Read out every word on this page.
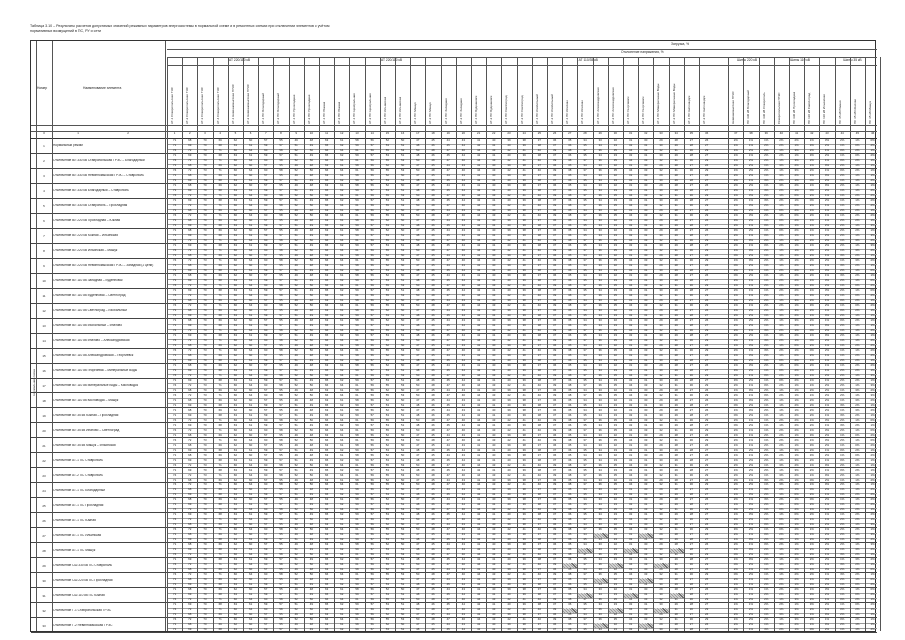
Таблица 3.10 – Результаты расчетов допустимых значений режимных параметров энергосистемы в нормальной схеме и в ремонтных схемах при отключении элементов с учётом нормативных возмущений в ПС, РУ и сети
Номер	Наименование элемента
Загрузка, %
Отклонение напряжения, %
АТ 220/110 кВ	АТ 220/110 кВ	АТ 110/35 кВ	Шины 220 кВ	Шины 110 кВ	Шины 35 кВ
АТ-1 Ставропольская ТЭС	АТ-2 Ставропольская ТЭС	АТ-3 Ставропольская ТЭС	АТ-4 Ставропольская ТЭС	АТ-1 Невинномысская ГРЭС	АТ-2 Невинномысская ГРЭС	АТ-1 ПС Благодарный	АТ-2 ПС Благодарный	АТ-1 ПС Прохладная	АТ-2 ПС Прохладная	АТ-1 ПС Южная	АТ-2 ПС Южная	АТ-1 ПС Центральная	АТ-2 ПС Центральная	АТ-1 ПС Ильинская	АТ-2 ПС Ильинская	АТ-1 ПС Машук	АТ-2 ПС Машук	АТ-1 ПС Западная	АТ-2 ПС Западная	АТ-1 ПС Буденновск	АТ-2 ПС Буденновск	АТ-1 ПС Светлоград	АТ-2 ПС Светлоград	АТ-1 ПС Изобильный	АТ-2 ПС Изобильный	АТ-1 ПС Ипатово	АТ-2 ПС Ипатово	АТ-1 ПС Александровская	АТ-2 ПС Александровская	АТ-1 ПС Георгиевск	АТ-2 ПС Георгиевск	АТ-1 ПС Минеральные Воды	АТ-2 ПС Минеральные Воды	АТ-1 ПС Кисловодск	АТ-2 ПС Кисловодск	Невинномысская ГРЭС	ПС 330 кВ Благодарный	ПС 330 кВ Ставрополь	Ставропольская ГРЭС	ПС 330 кВ Прохладная	ПС 110 кВ Светлоград	ПС 110 кВ Ильинская	ПС 35 кВ Южная	ПС 35 кВ Ипатово	ПС 35 кВ Машук
1	2	3	4	5	6	7	8	9	10	11	12	13	14	15	16	17	18	19	20	21	22	23	24	25	26	27	28	29	30	31	32	33	34	35	36	37	38	39	40	41	42	43	44	45	46
0	1	2
Нормальная схема
1	Нормальный режим
71	68	70	69	62	60	57	55	49	48	63	61	58	56	52	50	47	45	44	43	41	40	39	38	37	36	35	34	33	32	31	30	29	28	27	26	2%	1%	1%	2%	2%	1%	3%	2%	1%	0%
71	69	70	68	63	61	59	57	51	49	65	62	59	57	53	51	48	46	45	44	42	41	40	39	38	37	36	35	34	33	32	31	30	29	28	27	1%	1%	2%	2%	1%	3%	2%	1%	0%	2%
74	72	73	71	66	64	60	58	52	50	66	64	61	59	55	53	50	48	47	46	44	43	42	41	40	39	38	37	36	35	34	33	32	31	30	29	1%	2%	2%	1%	3%	2%	1%	0%	2%	1%
2	Отключение ВЛ 330 кВ Ставропольская ГРЭС – Благодарный
71	69	70	68	63	61	59	57	51	49	65	62	59	57	53	51	48	46	45	44	42	41	40	39	38	37	36	35	34	33	32	31	30	29	28	27	1%	1%	2%	2%	1%	3%	2%	1%	0%	2%
74	72	73	71	66	64	60	58	52	50	66	64	61	59	55	53	50	48	47	46	44	43	42	41	40	39	38	37	36	35	34	33	32	31	30	29	1%	2%	2%	1%	3%	2%	1%	0%	2%	1%
71	68	70	69	62	60	57	55	49	48	63	61	58	56	52	50	47	45	44	43	41	40	39	38	37	36	35	34	33	32	31	30	29	28	27	26	2%	2%	1%	3%	2%	1%	0%	2%	1%	1%
3	Отключение ВЛ 330 кВ Невинномысская ГРЭС – Ставрополь
74	72	73	71	66	64	60	58	52	50	66	64	61	59	55	53	50	48	47	46	44	43	42	41	40	39	38	37	36	35	34	33	32	31	30	29	1%	2%	2%	1%	3%	2%	1%	0%	2%	1%
71	68	70	69	62	60	57	55	49	48	63	61	58	56	52	50	47	45	44	43	41	40	39	38	37	36	35	34	33	32	31	30	29	28	27	26	2%	2%	1%	3%	2%	1%	0%	2%	1%	1%
71	69	70	68	63	61	59	57	51	49	65	62	59	57	53	51	48	46	45	44	42	41	40	39	38	37	36	35	34	33	32	31	30	29	28	27	2%	1%	3%	2%	1%	0%	2%	1%	1%	2%
4	Отключение ВЛ 330 кВ Благодарный – Ставрополь
71	68	70	69	62	60	57	55	49	48	63	61	58	56	52	50	47	45	44	43	41	40	39	38	37	36	35	34	33	32	31	30	29	28	27	26	2%	2%	1%	3%	2%	1%	0%	2%	1%	1%
71	69	70	68	63	61	59	57	51	49	65	62	59	57	53	51	48	46	45	44	42	41	40	39	38	37	36	35	34	33	32	31	30	29	28	27	2%	1%	3%	2%	1%	0%	2%	1%	1%	2%
74	72	73	71	66	64	60	58	52	50	66	64	61	59	55	53	50	48	47	46	44	43	42	41	40	39	38	37	36	35	34	33	32	31	30	29	1%	3%	2%	1%	0%	2%	1%	1%	2%	2%
5	Отключение ВЛ 330 кВ Ставрополь – Прохладная
71	69	70	68	63	61	59	57	51	49	65	62	59	57	53	51	48	46	45	44	42	41	40	39	38	37	36	35	34	33	32	31	30	29	28	27	2%	1%	3%	2%	1%	0%	2%	1%	1%	2%
74	72	73	71	66	64	60	58	52	50	66	64	61	59	55	53	50	48	47	46	44	43	42	41	40	39	38	37	36	35	34	33	32	31	30	29	1%	3%	2%	1%	0%	2%	1%	1%	2%	2%
71	68	70	69	62	60	57	55	49	48	63	61	58	56	52	50	47	45	44	43	41	40	39	38	37	36	35	34	33	32	31	30	29	28	27	26	3%	2%	1%	0%	2%	1%	1%	2%	2%	1%
6	Отключение ВЛ 220 кВ Прохладная – Южная
74	72	73	71	66	64	60	58	52	50	66	64	61	59	55	53	50	48	47	46	44	43	42	41	40	39	38	37	36	35	34	33	32	31	30	29	1%	3%	2%	1%	0%	2%	1%	1%	2%	2%
71	68	70	69	62	60	57	55	49	48	63	61	58	56	52	50	47	45	44	43	41	40	39	38	37	36	35	34	33	32	31	30	29	28	27	26	3%	2%	1%	0%	2%	1%	1%	2%	2%	1%
71	69	70	68	63	61	59	57	51	49	65	62	59	57	53	51	48	46	45	44	42	41	40	39	38	37	36	35	34	33	32	31	30	29	28	27	2%	1%	0%	2%	1%	1%	2%	2%	1%	3%
7	Отключение ВЛ 220 кВ Южная – Ильинская
71	68	70	69	62	60	57	55	49	48	63	61	58	56	52	50	47	45	44	43	41	40	39	38	37	36	35	34	33	32	31	30	29	28	27	26	3%	2%	1%	0%	2%	1%	1%	2%	2%	1%
71	69	70	68	63	61	59	57	51	49	65	62	59	57	53	51	48	46	45	44	42	41	40	39	38	37	36	35	34	33	32	31	30	29	28	27	2%	1%	0%	2%	1%	1%	2%	2%	1%	3%
74	72	73	71	66	64	60	58	52	50	66	64	61	59	55	53	50	48	47	46	44	43	42	41	40	39	38	37	36	35	34	33	32	31	30	29	1%	0%	2%	1%	1%	2%	2%	1%	3%	2%
8	Отключение ВЛ 220 кВ Ильинская – Машук
71	69	70	68	63	61	59	57	51	49	65	62	59	57	53	51	48	46	45	44	42	41	40	39	38	37	36	35	34	33	32	31	30	29	28	27	2%	1%	0%	2%	1%	1%	2%	2%	1%	3%
74	72	73	71	66	64	60	58	52	50	66	64	61	59	55	53	50	48	47	46	44	43	42	41	40	39	38	37	36	35	34	33	32	31	30	29	1%	0%	2%	1%	1%	2%	2%	1%	3%	2%
71	68	70	69	62	60	57	55	49	48	63	61	58	56	52	50	47	45	44	43	41	40	39	38	37	36	35	34	33	32	31	30	29	28	27	26	0%	2%	1%	1%	2%	2%	1%	3%	2%	1%
9	Отключение ВЛ 220 кВ Невинномысская ГРЭС – Западная (2 цепи)
74	72	73	71	66	64	60	58	52	50	66	64	61	59	55	53	50	48	47	46	44	43	42	41	40	39	38	37	36	35	34	33	32	31	30	29	1%	0%	2%	1%	1%	2%	2%	1%	3%	2%
71	68	70	69	62	60	57	55	49	48	63	61	58	56	52	50	47	45	44	43	41	40	39	38	37	36	35	34	33	32	31	30	29	28	27	26	0%	2%	1%	1%	2%	2%	1%	3%	2%	1%
71	69	70	68	63	61	59	57	51	49	65	62	59	57	53	51	48	46	45	44	42	41	40	39	38	37	36	35	34	33	32	31	30	29	28	27	2%	1%	1%	2%	2%	1%	3%	2%	1%	0%
10	Отключение ВЛ 110 кВ Западная – Буденновск
71	68	70	69	62	60	57	55	49	48	63	61	58	56	52	50	47	45	44	43	41	40	39	38	37	36	35	34	33	32	31	30	29	28	27	26	0%	2%	1%	1%	2%	2%	1%	3%	2%	1%
71	69	70	68	63	61	59	57	51	49	65	62	59	57	53	51	48	46	45	44	42	41	40	39	38	37	36	35	34	33	32	31	30	29	28	27	2%	1%	1%	2%	2%	1%	3%	2%	1%	0%
74	72	73	71	66	64	60	58	52	50	66	64	61	59	55	53	50	48	47	46	44	43	42	41	40	39	38	37	36	35	34	33	32	31	30	29	1%	1%	2%	2%	1%	3%	2%	1%	0%	2%
11	Отключение ВЛ 110 кВ Буденновск – Светлоград
71	69	70	68	63	61	59	57	51	49	65	62	59	57	53	51	48	46	45	44	42	41	40	39	38	37	36	35	34	33	32	31	30	29	28	27	2%	1%	1%	2%	2%	1%	3%	2%	1%	0%
74	72	73	71	66	64	60	58	52	50	66	64	61	59	55	53	50	48	47	46	44	43	42	41	40	39	38	37	36	35	34	33	32	31	30	29	1%	1%	2%	2%	1%	3%	2%	1%	0%	2%
71	68	70	69	62	60	57	55	49	48	63	61	58	56	52	50	47	45	44	43	41	40	39	38	37	36	35	34	33	32	31	30	29	28	27	26	1%	2%	2%	1%	3%	2%	1%	0%	2%	1%
12	Отключение ВЛ 110 кВ Светлоград – Изобильный
74	72	73	71	66	64	60	58	52	50	66	64	61	59	55	53	50	48	47	46	44	43	42	41	40	39	38	37	36	35	34	33	32	31	30	29	1%	1%	2%	2%	1%	3%	2%	1%	0%	2%
71	68	70	69	62	60	57	55	49	48	63	61	58	56	52	50	47	45	44	43	41	40	39	38	37	36	35	34	33	32	31	30	29	28	27	26	1%	2%	2%	1%	3%	2%	1%	0%	2%	1%
71	69	70	68	63	61	59	57	51	49	65	62	59	57	53	51	48	46	45	44	42	41	40	39	38	37	36	35	34	33	32	31	30	29	28	27	2%	2%	1%	3%	2%	1%	0%	2%	1%	1%
13	Отключение ВЛ 110 кВ Изобильный – Ипатово
71	68	70	69	62	60	57	55	49	48	63	61	58	56	52	50	47	45	44	43	41	40	39	38	37	36	35	34	33	32	31	30	29	28	27	26	1%	2%	2%	1%	3%	2%	1%	0%	2%	1%
71	69	70	68	63	61	59	57	51	49	65	62	59	57	53	51	48	46	45	44	42	41	40	39	38	37	36	35	34	33	32	31	30	29	28	27	2%	2%	1%	3%	2%	1%	0%	2%	1%	1%
74	72	73	71	66	64	60	58	52	50	66	64	61	59	55	53	50	48	47	46	44	43	42	41	40	39	38	37	36	35	34	33	32	31	30	29	2%	1%	3%	2%	1%	0%	2%	1%	1%	2%
14	Отключение ВЛ 110 кВ Ипатово – Александровская
71	69	70	68	63	61	59	57	51	49	65	62	59	57	53	51	48	46	45	44	42	41	40	39	38	37	36	35	34	33	32	31	30	29	28	27	2%	2%	1%	3%	2%	1%	0%	2%	1%	1%
74	72	73	71	66	64	60	58	52	50	66	64	61	59	55	53	50	48	47	46	44	43	42	41	40	39	38	37	36	35	34	33	32	31	30	29	2%	1%	3%	2%	1%	0%	2%	1%	1%	2%
71	68	70	69	62	60	57	55	49	48	63	61	58	56	52	50	47	45	44	43	41	40	39	38	37	36	35	34	33	32	31	30	29	28	27	26	1%	3%	2%	1%	0%	2%	1%	1%	2%	2%
15	Отключение ВЛ 110 кВ Александровская – Георгиевск
74	72	73	71	66	64	60	58	52	50	66	64	61	59	55	53	50	48	47	46	44	43	42	41	40	39	38	37	36	35	34	33	32	31	30	29	2%	1%	3%	2%	1%	0%	2%	1%	1%	2%
71	68	70	69	62	60	57	55	49	48	63	61	58	56	52	50	47	45	44	43	41	40	39	38	37	36	35	34	33	32	31	30	29	28	27	26	1%	3%	2%	1%	0%	2%	1%	1%	2%	2%
71	69	70	68	63	61	59	57	51	49	65	62	59	57	53	51	48	46	45	44	42	41	40	39	38	37	36	35	34	33	32	31	30	29	28	27	3%	2%	1%	0%	2%	1%	1%	2%	2%	1%
16	Отключение ВЛ 110 кВ Георгиевск – Минеральные Воды
71	68	70	69	62	60	57	55	49	48	63	61	58	56	52	50	47	45	44	43	41	40	39	38	37	36	35	34	33	32	31	30	29	28	27	26	1%	3%	2%	1%	0%	2%	1%	1%	2%	2%
71	69	70	68	63	61	59	57	51	49	65	62	59	57	53	51	48	46	45	44	42	41	40	39	38	37	36	35	34	33	32	31	30	29	28	27	3%	2%	1%	0%	2%	1%	1%	2%	2%	1%
74	72	73	71	66	64	60	58	52	50	66	64	61	59	55	53	50	48	47	46	44	43	42	41	40	39	38	37	36	35	34	33	32	31	30	29	2%	1%	0%	2%	1%	1%	2%	2%	1%	3%
17	Отключение ВЛ 110 кВ Минеральные Воды – Кисловодск
71	69	70	68	63	61	59	57	51	49	65	62	59	57	53	51	48	46	45	44	42	41	40	39	38	37	36	35	34	33	32	31	30	29	28	27	3%	2%	1%	0%	2%	1%	1%	2%	2%	1%
74	72	73	71	66	64	60	58	52	50	66	64	61	59	55	53	50	48	47	46	44	43	42	41	40	39	38	37	36	35	34	33	32	31	30	29	2%	1%	0%	2%	1%	1%	2%	2%	1%	3%
71	68	70	69	62	60	57	55	49	48	63	61	58	56	52	50	47	45	44	43	41	40	39	38	37	36	35	34	33	32	31	30	29	28	27	26	1%	0%	2%	1%	1%	2%	2%	1%	3%	2%
18	Отключение ВЛ 110 кВ Кисловодск – Машук
74	72	73	71	66	64	60	58	52	50	66	64	61	59	55	53	50	48	47	46	44	43	42	41	40	39	38	37	36	35	34	33	32	31	30	29	2%	1%	0%	2%	1%	1%	2%	2%	1%	3%
71	68	70	69	62	60	57	55	49	48	63	61	58	56	52	50	47	45	44	43	41	40	39	38	37	36	35	34	33	32	31	30	29	28	27	26	1%	0%	2%	1%	1%	2%	2%	1%	3%	2%
71	69	70	68	63	61	59	57	51	49	65	62	59	57	53	51	48	46	45	44	42	41	40	39	38	37	36	35	34	33	32	31	30	29	28	27	0%	2%	1%	1%	2%	2%	1%	3%	2%	1%
19	Отключение ВЛ 35 кВ Южная – Прохладная
71	68	70	69	62	60	57	55	49	48	63	61	58	56	52	50	47	45	44	43	41	40	39	38	37	36	35	34	33	32	31	30	29	28	27	26	1%	0%	2%	1%	1%	2%	2%	1%	3%	2%
71	69	70	68	63	61	59	57	51	49	65	62	59	57	53	51	48	46	45	44	42	41	40	39	38	37	36	35	34	33	32	31	30	29	28	27	0%	2%	1%	1%	2%	2%	1%	3%	2%	1%
74	72	73	71	66	64	60	58	52	50	66	64	61	59	55	53	50	48	47	46	44	43	42	41	40	39	38	37	36	35	34	33	32	31	30	29	2%	1%	1%	2%	2%	1%	3%	2%	1%	0%
20	Отключение ВЛ 35 кВ Ипатово – Светлоград
71	69	70	68	63	61	59	57	51	49	65	62	59	57	53	51	48	46	45	44	42	41	40	39	38	37	36	35	34	33	32	31	30	29	28	27	0%	2%	1%	1%	2%	2%	1%	3%	2%	1%
74	72	73	71	66	64	60	58	52	50	66	64	61	59	55	53	50	48	47	46	44	43	42	41	40	39	38	37	36	35	34	33	32	31	30	29	2%	1%	1%	2%	2%	1%	3%	2%	1%	0%
71	68	70	69	62	60	57	55	49	48	63	61	58	56	52	50	47	45	44	43	41	40	39	38	37	36	35	34	33	32	31	30	29	28	27	26	1%	1%	2%	2%	1%	3%	2%	1%	0%	2%
21	Отключение ВЛ 35 кВ Машук – Ильинская
74	72	73	71	66	64	60	58	52	50	66	64	61	59	55	53	50	48	47	46	44	43	42	41	40	39	38	37	36	35	34	33	32	31	30	29	2%	1%	1%	2%	2%	1%	3%	2%	1%	0%
71	68	70	69	62	60	57	55	49	48	63	61	58	56	52	50	47	45	44	43	41	40	39	38	37	36	35	34	33	32	31	30	29	28	27	26	1%	1%	2%	2%	1%	3%	2%	1%	0%	2%
71	69	70	68	63	61	59	57	51	49	65	62	59	57	53	51	48	46	45	44	42	41	40	39	38	37	36	35	34	33	32	31	30	29	28	27	1%	2%	2%	1%	3%	2%	1%	0%	2%	1%
22	Отключение АТ-1 ПС Ставрополь
71	68	70	69	62	60	57	55	49	48	63	61	58	56	52	50	47	45	44	43	41	40	39	38	37	36	35	34	33	32	31	30	29	28	27	26	1%	1%	2%	2%	1%	3%	2%	1%	0%	2%
71	69	70	68	63	61	59	57	51	49	65	62	59	57	53	51	48	46	45	44	42	41	40	39	38	37	36	35	34	33	32	31	30	29	28	27	1%	2%	2%	1%	3%	2%	1%	0%	2%	1%
74	72	73	71	66	64	60	58	52	50	66	64	61	59	55	53	50	48	47	46	44	43	42	41	40	39	38	37	36	35	34	33	32	31	30	29	2%	2%	1%	3%	2%	1%	0%	2%	1%	1%
23	Отключение АТ-2 ПС Ставрополь
71	69	70	68	63	61	59	57	51	49	65	62	59	57	53	51	48	46	45	44	42	41	40	39	38	37	36	35	34	33	32	31	30	29	28	27	1%	2%	2%	1%	3%	2%	1%	0%	2%	1%
74	72	73	71	66	64	60	58	52	50	66	64	61	59	55	53	50	48	47	46	44	43	42	41	40	39	38	37	36	35	34	33	32	31	30	29	2%	2%	1%	3%	2%	1%	0%	2%	1%	1%
71	68	70	69	62	60	57	55	49	48	63	61	58	56	52	50	47	45	44	43	41	40	39	38	37	36	35	34	33	32	31	30	29	28	27	26	2%	1%	3%	2%	1%	0%	2%	1%	1%	2%
24	Отключение АТ-1 ПС Благодарный
74	72	73	71	66	64	60	58	52	50	66	64	61	59	55	53	50	48	47	46	44	43	42	41	40	39	38	37	36	35	34	33	32	31	30	29	2%	2%	1%	3%	2%	1%	0%	2%	1%	1%
71	68	70	69	62	60	57	55	49	48	63	61	58	56	52	50	47	45	44	43	41	40	39	38	37	36	35	34	33	32	31	30	29	28	27	26	2%	1%	3%	2%	1%	0%	2%	1%	1%	2%
71	69	70	68	63	61	59	57	51	49	65	62	59	57	53	51	48	46	45	44	42	41	40	39	38	37	36	35	34	33	32	31	30	29	28	27	1%	3%	2%	1%	0%	2%	1%	1%	2%	2%
25	Отключение АТ-1 ПС Прохладная
71	68	70	69	62	60	57	55	49	48	63	61	58	56	52	50	47	45	44	43	41	40	39	38	37	36	35	34	33	32	31	30	29	28	27	26	2%	1%	3%	2%	1%	0%	2%	1%	1%	2%
71	69	70	68	63	61	59	57	51	49	65	62	59	57	53	51	48	46	45	44	42	41	40	39	38	37	36	35	34	33	32	31	30	29	28	27	1%	3%	2%	1%	0%	2%	1%	1%	2%	2%
74	72	73	71	66	64	60	58	52	50	66	64	61	59	55	53	50	48	47	46	44	43	42	41	40	39	38	37	36	35	34	33	32	31	30	29	3%	2%	1%	0%	2%	1%	1%	2%	2%	1%
26	Отключение АТ-1 ПС Южная
71	69	70	68	63	61	59	57	51	49	65	62	59	57	53	51	48	46	45	44	42	41	40	39	38	37	36	35	34	33	32	31	30	29	28	27	1%	3%	2%	1%	0%	2%	1%	1%	2%	2%
74	72	73	71	66	64	60	58	52	50	66	64	61	59	55	53	50	48	47	46	44	43	42	41	40	39	38	37	36	35	34	33	32	31	30	29	3%	2%	1%	0%	2%	1%	1%	2%	2%	1%
71	68	70	69	62	60	57	55	49	48	63	61	58	56	52	50	47	45	44	43	41	40	39	38	37	36	35	34	33	32	31	30	29	28	27	26	2%	1%	0%	2%	1%	1%	2%	2%	1%	3%
27	Отключение АТ-1 ПС Ильинская
74	72	73	71	66	64	60	58	52	50	66	64	61	59	55	53	50	48	47	46	44	43	42	41	40	39	38	37	36	35	34	33	32	31	30	29	3%	2%	1%	0%	2%	1%	1%	2%	2%	1%
71	68	70	69	62	60	57	55	49	48	63	61	58	56	52	50	47	45	44	43	41	40	39	38	37	36	35	34	32	31	29	28	27	26	2%	1%	0%	2%	1%	1%	2%	2%	1%	3%
71	69	70	68	63	61	59	57	51	49	65	62	59	57	53	51	48	46	45	44	42	41	40	39	38	37	36	35	34	33	32	31	30	29	28	27	1%	0%	2%	1%	1%	2%	2%	1%	3%	2%
28	Отключение АТ-1 ПС Машук
71	68	70	69	62	60	57	55	49	48	63	61	58	56	52	50	47	45	44	43	41	40	39	38	37	36	35	34	33	32	31	30	29	28	27	26	2%	1%	0%	2%	1%	1%	2%	2%	1%	3%
71	69	70	68	63	61	59	57	51	49	65	62	59	57	53	51	48	46	45	44	42	41	40	39	38	37	36	34	33	31	30	28	27	1%	0%	2%	1%	1%	2%	2%	1%	3%	2%
74	72	73	71	66	64	60	58	52	50	66	64	61	59	55	53	50	48	47	46	44	43	42	41	40	39	38	37	36	35	34	33	32	31	30	29	0%	2%	1%	1%	2%	2%	1%	3%	2%	1%
29	Отключение СШ 330 кВ ПС Ставрополь
71	69	70	68	63	61	59	57	51	49	65	62	59	57	53	51	48	46	45	44	42	41	40	39	38	37	36	35	34	33	32	31	30	29	28	27	1%	0%	2%	1%	1%	2%	2%	1%	3%	2%
74	72	73	71	66	64	60	58	52	50	66	64	61	59	55	53	50	48	47	46	44	43	42	41	40	39	37	36	34	33	31	30	29	0%	2%	1%	1%	2%	2%	1%	3%	2%	1%
71	68	70	69	62	60	57	55	49	48	63	61	58	56	52	50	47	45	44	43	41	40	39	38	37	36	35	34	33	32	31	30	29	28	27	26	2%	1%	1%	2%	2%	1%	3%	2%	1%	0%
30	Отключение СШ 220 кВ ПС Прохладная
74	72	73	71	66	64	60	58	52	50	66	64	61	59	55	53	50	48	47	46	44	43	42	41	40	39	38	37	36	35	34	33	32	31	30	29	0%	2%	1%	1%	2%	2%	1%	3%	2%	1%
71	68	70	69	62	60	57	55	49	48	63	61	58	56	52	50	47	45	44	43	41	40	39	38	37	36	35	34	32	31	29	28	27	26	2%	1%	1%	2%	2%	1%	3%	2%	1%	0%
71	69	70	68	63	61	59	57	51	49	65	62	59	57	53	51	48	46	45	44	42	41	40	39	38	37	36	35	34	33	32	31	30	29	28	27	1%	1%	2%	2%	1%	3%	2%	1%	0%	2%
31	Отключение СШ 110 кВ ПС Южная
71	68	70	69	62	60	57	55	49	48	63	61	58	56	52	50	47	45	44	43	41	40	39	38	37	36	35	34	33	32	31	30	29	28	27	26	2%	1%	1%	2%	2%	1%	3%	2%	1%	0%
71	69	70	68	63	61	59	57	51	49	65	62	59	57	53	51	48	46	45	44	42	41	40	39	38	37	36	34	33	31	30	28	27	1%	1%	2%	2%	1%	3%	2%	1%	0%	2%
74	72	73	71	66	64	60	58	52	50	66	64	61	59	55	53	50	48	47	46	44	43	42	41	40	39	38	37	36	35	34	33	32	31	30	29	1%	2%	2%	1%	3%	2%	1%	0%	2%	1%
32	Отключение Г-1 Ставропольская ГРЭС
71	69	70	68	63	61	59	57	51	49	65	62	59	57	53	51	48	46	45	44	42	41	40	39	38	37	36	35	34	33	32	31	30	29	28	27	1%	1%	2%	2%	1%	3%	2%	1%	0%	2%
74	72	73	71	66	64	60	58	52	50	66	64	61	59	55	53	50	48	47	46	44	43	42	41	40	39	37	36	34	33	31	30	29	1%	2%	2%	1%	3%	2%	1%	0%	2%	1%
71	68	70	69	62	60	57	55	49	48	63	61	58	56	52	50	47	45	44	43	41	40	39	38	37	36	35	34	33	32	31	30	29	28	27	26	2%	2%	1%	3%	2%	1%	0%	2%	1%	1%
33	Отключение Г-2 Невинномысская ГРЭС
74	72	73	71	66	64	60	58	52	50	66	64	61	59	55	53	50	48	47	46	44	43	42	41	40	39	38	37	36	35	34	33	32	31	30	29	1%	2%	2%	1%	3%	2%	1%	0%	2%	1%
71	68	70	69	62	60	57	55	49	48	63	61	58	56	52	50	47	45	44	43	41	40	39	38	37	36	35	34	32	31	29	28	27	26	2%	2%	1%	3%	2%	1%	0%	2%	1%	1%
71	69	70	68	63	61	59	57	51	49	65	62	59	57	53	51	48	46	45	44	42	41	40	39	38	37	36	35	34	33	32	31	30	29	28	27	2%	1%	3%	2%	1%	0%	2%	1%	1%	2%
